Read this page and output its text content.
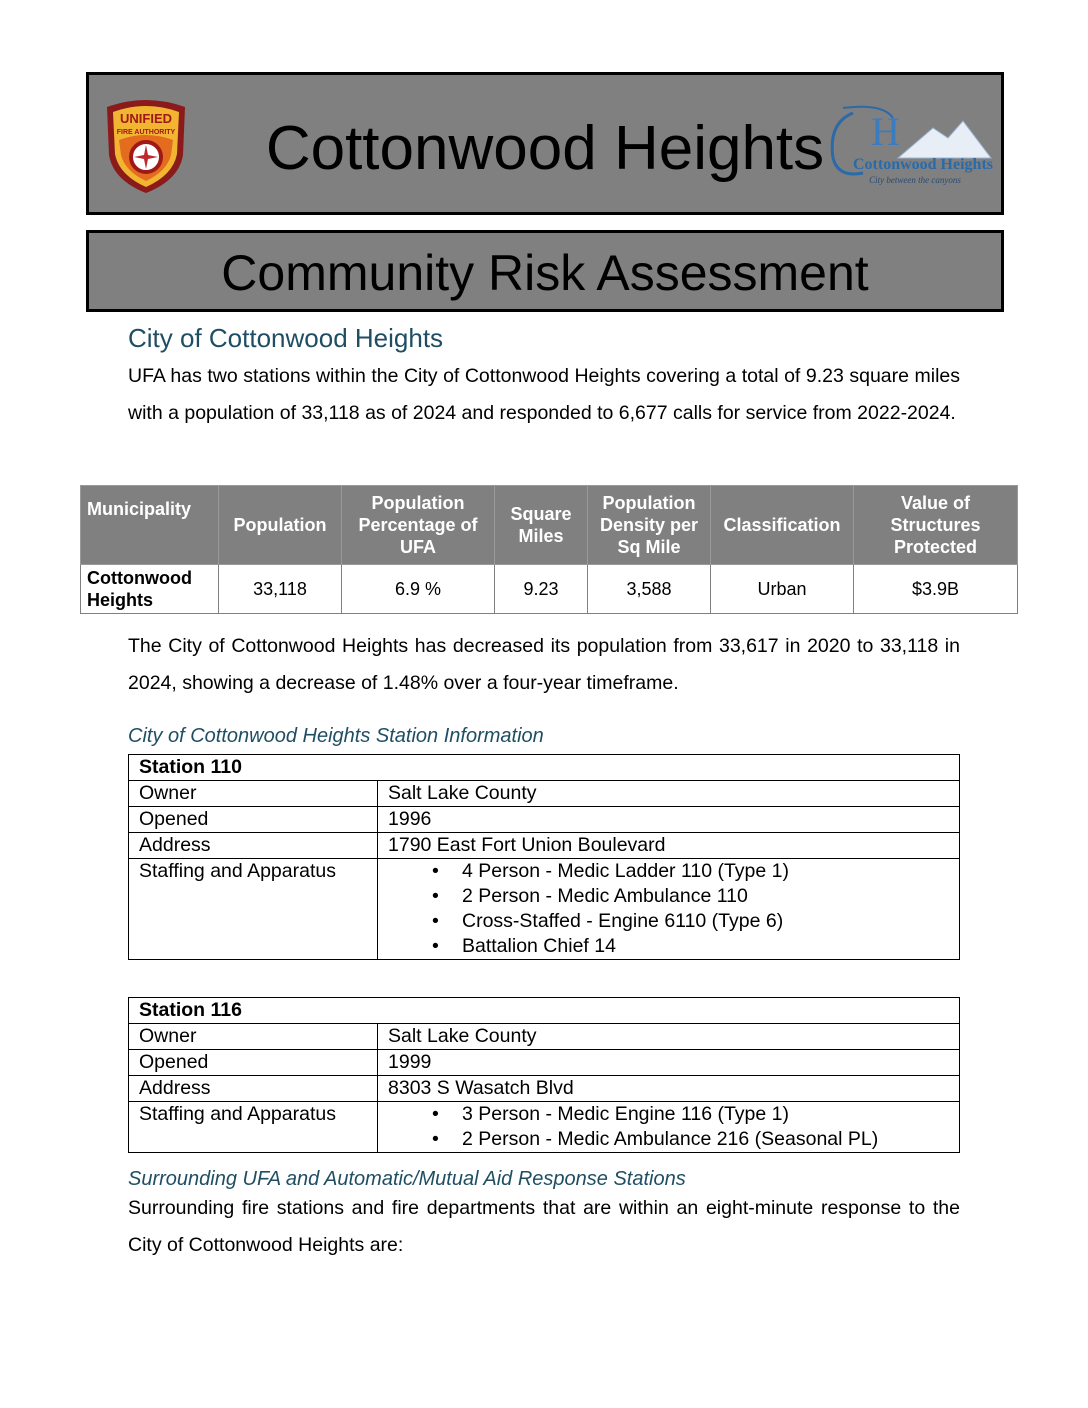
UNIFIED
FIRE AUTHORITY	Cottonwood Heights	H
Cottonwood Heights
City between the canyons
Community Risk Assessment
City of Cottonwood Heights
UFA has two stations within the City of Cottonwood Heights covering a total of 9.23 square miles with a population of 33,118 as of 2024 and responded to 6,677 calls for service from 2022-2024.
Municipality	Population	Population Percentage of UFA	Square Miles	Population Density per Sq Mile	Classification	Value of Structures Protected
Cottonwood Heights	33,118	6.9 %	9.23	3,588	Urban	$3.9B
The City of Cottonwood Heights has decreased its population from 33,617 in 2020 to 33,118 in 2024, showing a decrease of 1.48% over a four-year timeframe.
City of Cottonwood Heights Station Information
Station 110	
Owner	Salt Lake County
Opened	1996
Address	1790 East Fort Union Boulevard
Staffing and Apparatus	
•4 Person - Medic Ladder 110 (Type 1)
• 2 Person - Medic Ambulance 110
• Cross-Staffed - Engine 6110 (Type 6)
• Battalion Chief 14
Station 116	
Owner	Salt Lake County
Opened	1999
Address	8303 S Wasatch Blvd
Staffing and Apparatus	
•3 Person - Medic Engine 116 (Type 1)
• 2 Person - Medic Ambulance 216 (Seasonal PL)
Surrounding UFA and Automatic/Mutual Aid Response Stations
Surrounding fire stations and fire departments that are within an eight-minute response to the City of Cottonwood Heights are:
